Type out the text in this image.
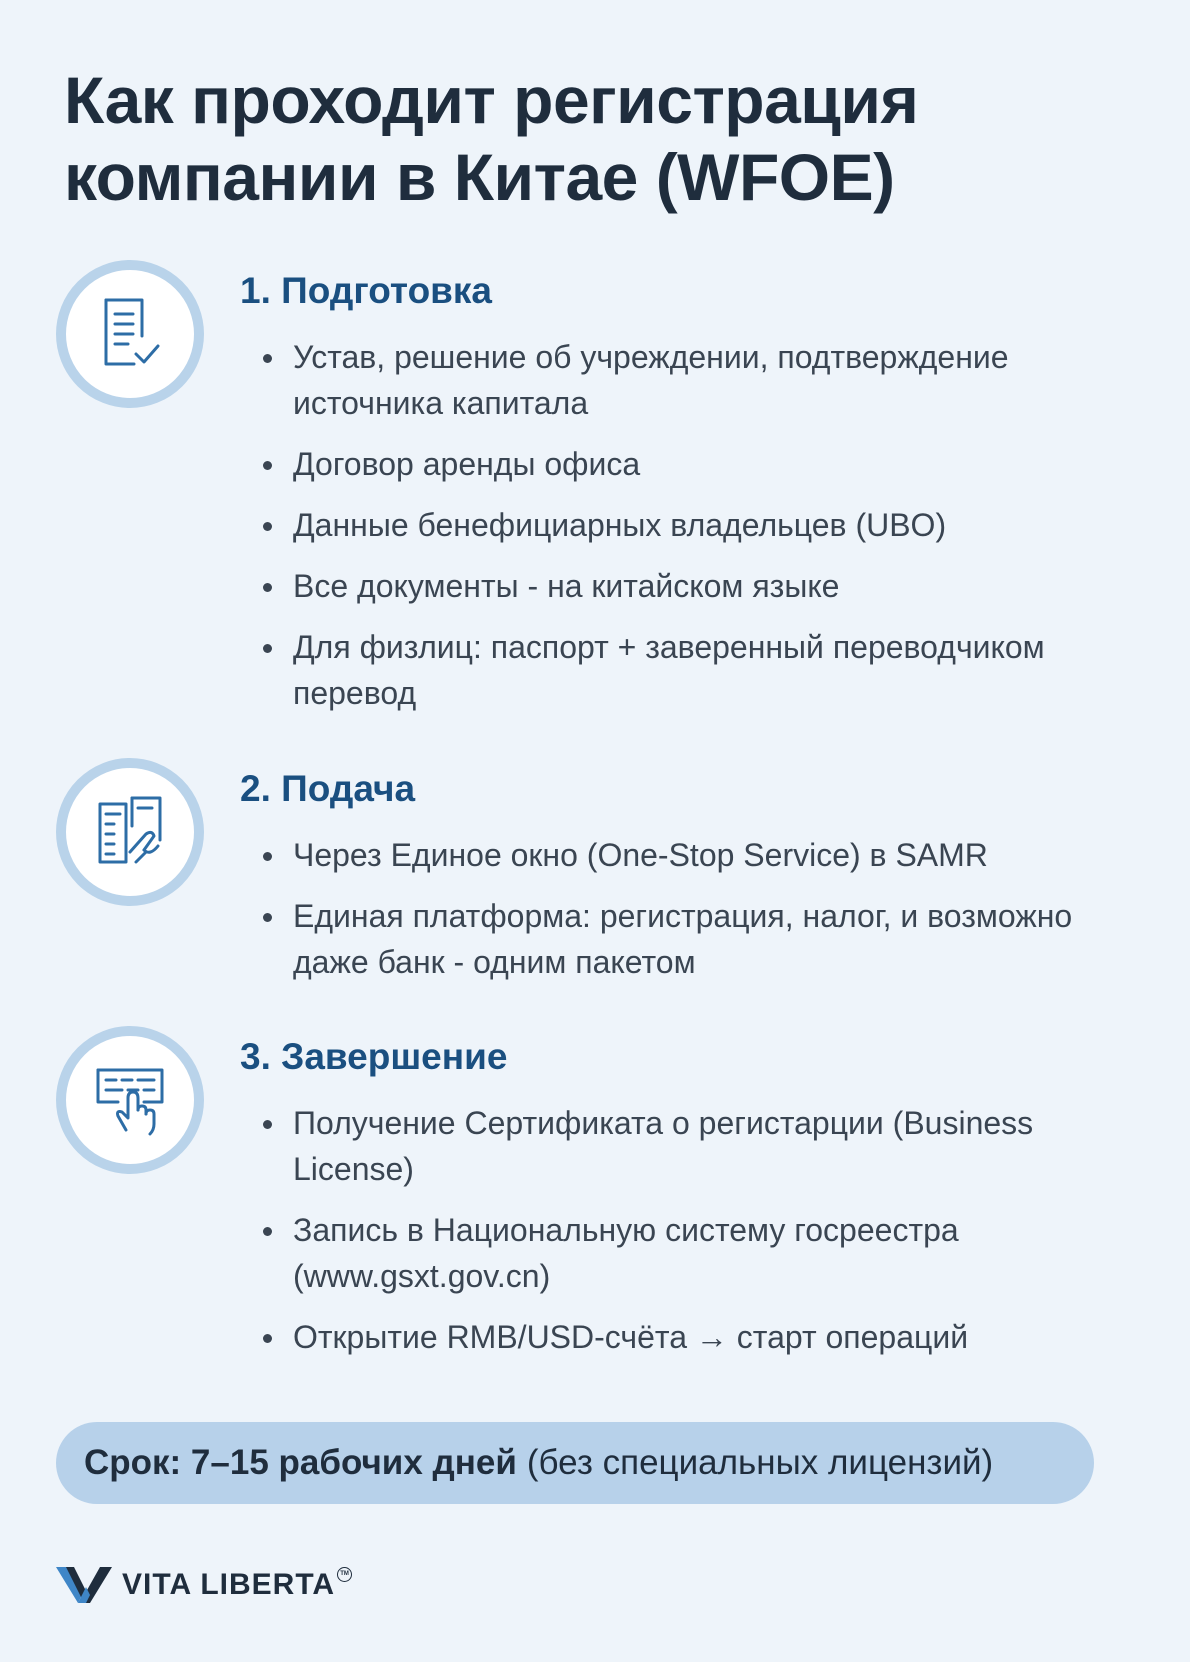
Как проходит регистрация компании в Китае (WFOE)
1. Подготовка
Устав, решение об учреждении, подтверждение источника капитала
Договор аренды офиса
Данные бенефициарных владельцев (UBO)
Все документы - на китайском языке
Для физлиц: паспорт + заверенный переводчиком перевод
2. Подача
Через Единое окно (One-Stop Service) в SAMR
Единая платформа: регистрация, налог, и возможно даже банк - одним пакетом
3. Завершение
Получение Сертификата о регистарции (Business License)
Запись в Национальную систему госреестра (www.gsxt.gov.cn)
Открытие RMB/USD-счёта → старт операций
Срок: 7–15 рабочих дней (без специальных лицензий)
VITA LIBERTA TM
